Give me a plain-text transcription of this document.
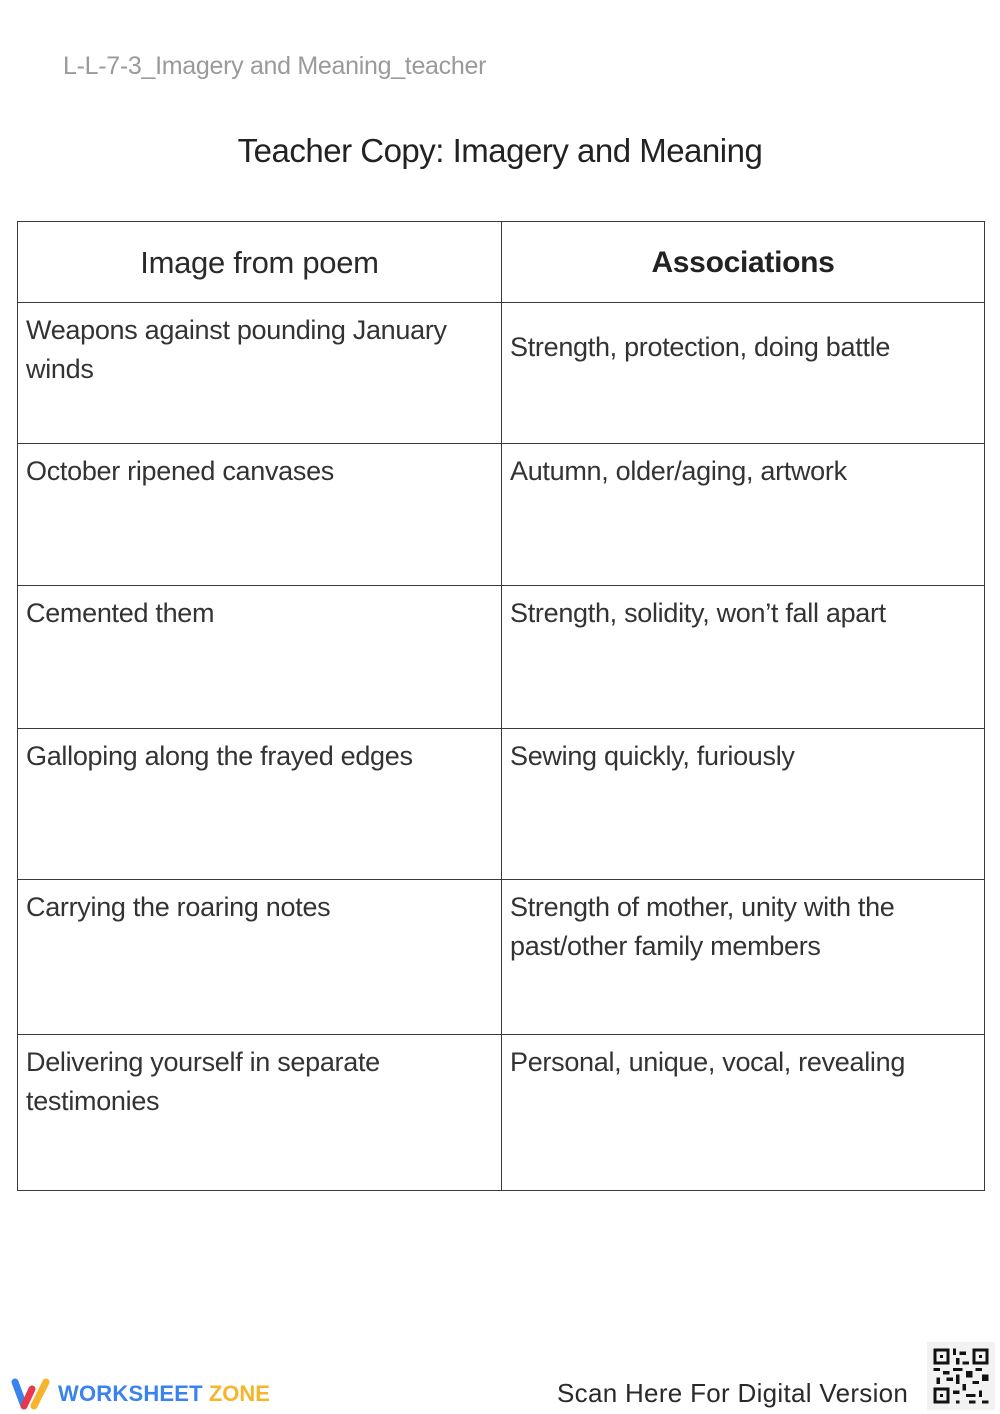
L-L-7-3_Imagery and Meaning_teacher
Teacher Copy: Imagery and Meaning
Image from poem	Associations
Weapons against pounding January winds	Strength, protection, doing battle
October ripened canvases	Autumn, older/aging, artwork
Cemented them	Strength, solidity, won’t fall apart
Galloping along the frayed edges	Sewing quickly, furiously
Carrying the roaring notes	Strength of mother, unity with the past/other family members
Delivering yourself in separate testimonies	Personal, unique, vocal, revealing
WORKSHEET ZONE	Scan Here For Digital Version
